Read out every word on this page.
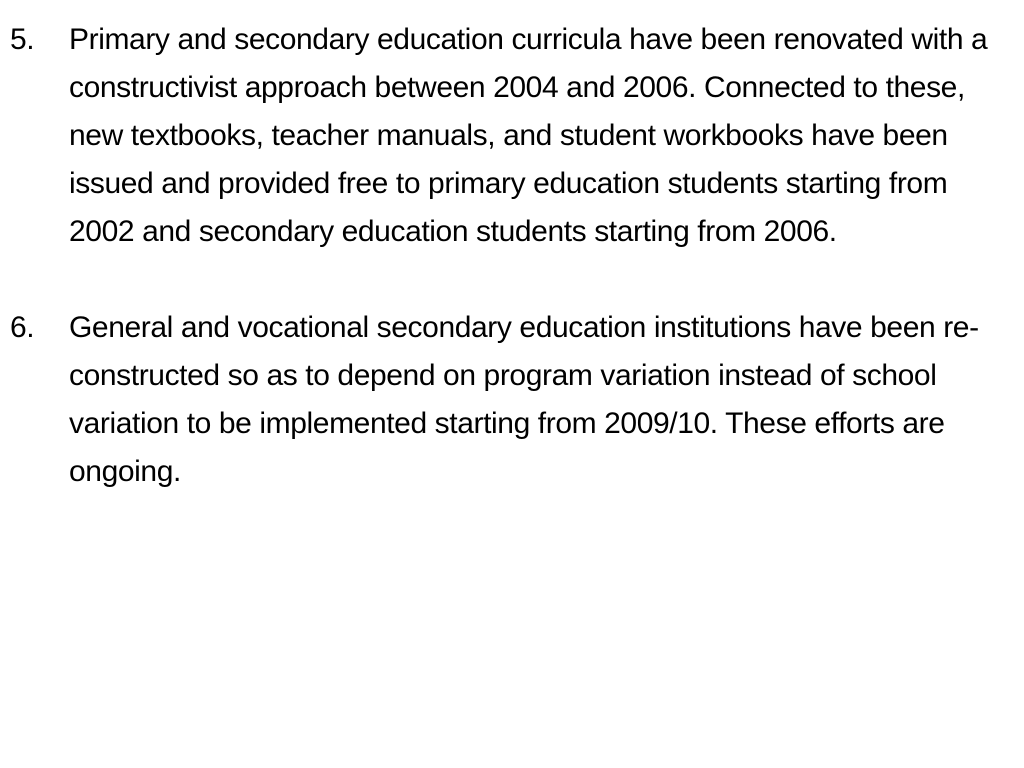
5. Primary and secondary education curricula have been renovated with a constructivist approach between 2004 and 2006. Connected to these, new textbooks, teacher manuals, and student workbooks have been issued and provided free to primary education students starting from 2002 and secondary education students starting from 2006.
6. General and vocational secondary education institutions have been re-constructed so as to depend on program variation instead of school variation to be implemented starting from 2009/10. These efforts are ongoing.
